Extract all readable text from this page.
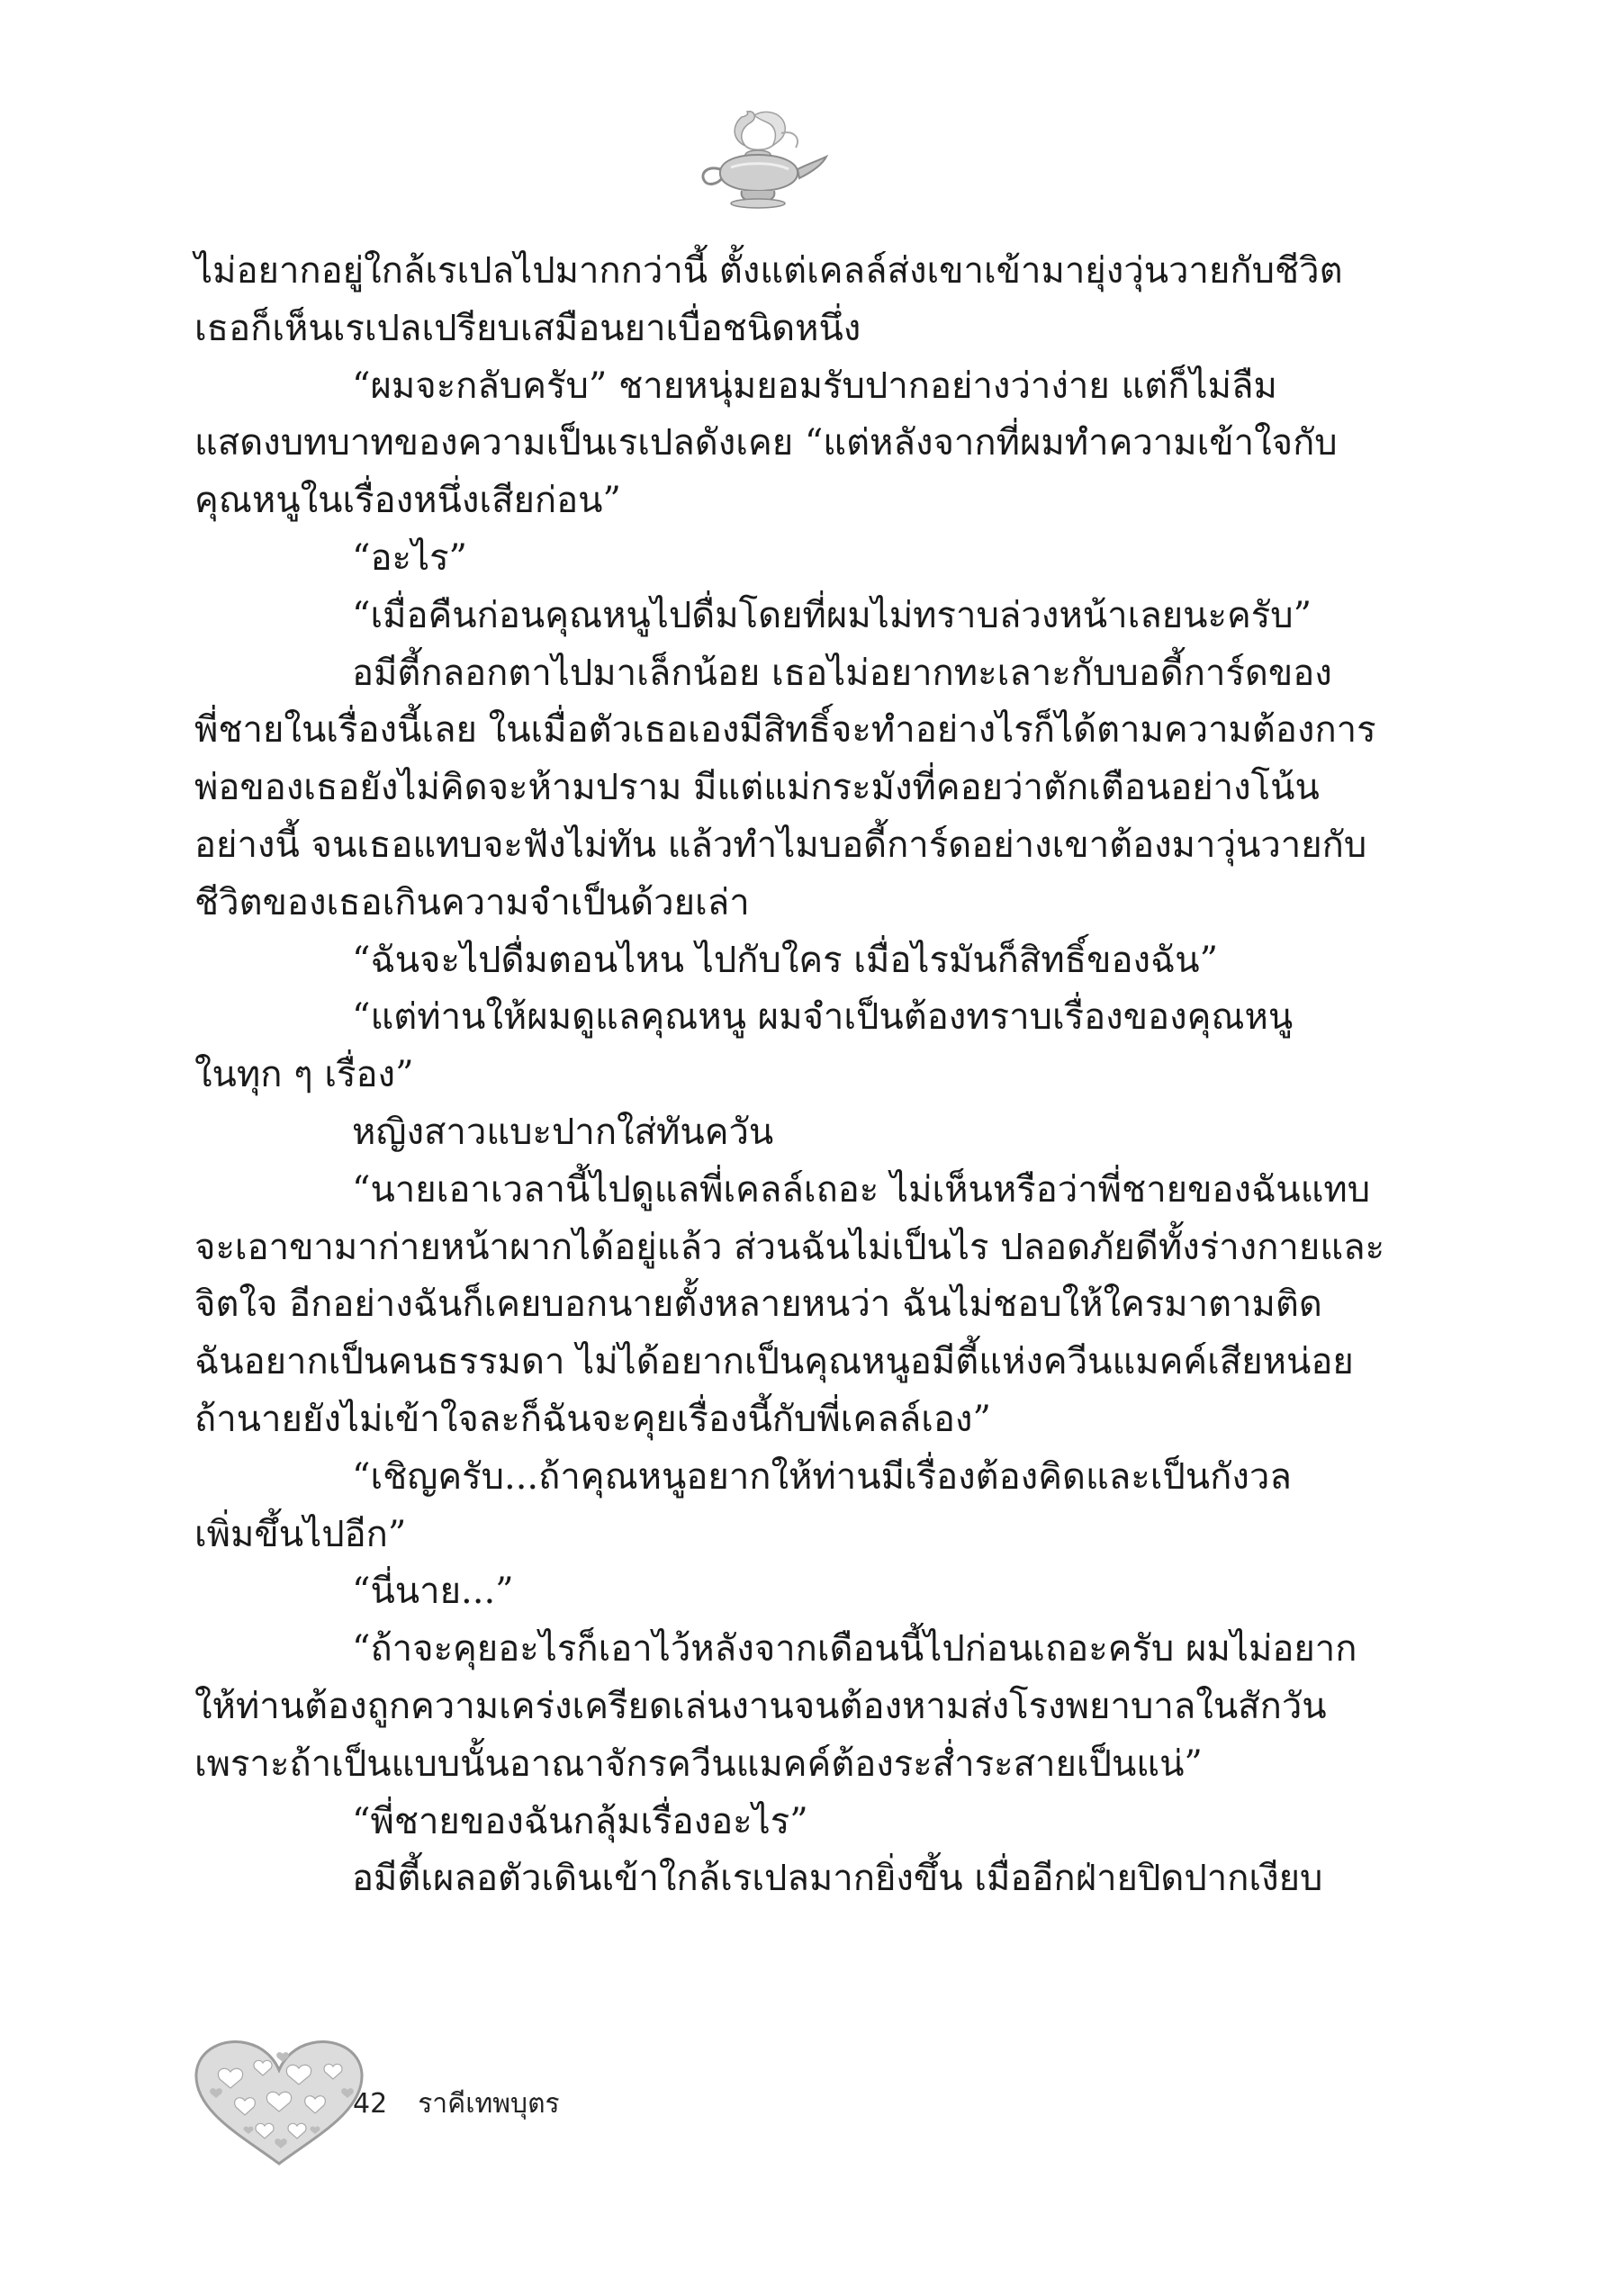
ไม่อยากอยู่ใกล้เรเปลไปมากกว่านี้ ตั้งแต่เคลล์ส่งเขาเข้ามายุ่งวุ่นวายกับชีวิต
เธอก็เห็นเรเปลเปรียบเสมือนยาเบื่อชนิดหนึ่ง

“ผมจะกลับครับ” ชายหนุ่มยอมรับปากอย่างว่าง่าย แต่ก็ไม่ลืม
แสดงบทบาทของความเป็นเรเปลดังเคย “แต่หลังจากที่ผมทำความเข้าใจกับ
คุณหนูในเรื่องหนึ่งเสียก่อน”

“อะไร”

“เมื่อคืนก่อนคุณหนูไปดื่มโดยที่ผมไม่ทราบล่วงหน้าเลยนะครับ”

อมีตี้กลอกตาไปมาเล็กน้อย เธอไม่อยากทะเลาะกับบอดี้การ์ดของ
พี่ชายในเรื่องนี้เลย ในเมื่อตัวเธอเองมีสิทธิ์จะทำอย่างไรก็ได้ตามความต้องการ
พ่อของเธอยังไม่คิดจะห้ามปราม มีแต่แม่กระมังที่คอยว่าตักเตือนอย่างโน้น
อย่างนี้ จนเธอแทบจะฟังไม่ทัน แล้วทำไมบอดี้การ์ดอย่างเขาต้องมาวุ่นวายกับ
ชีวิตของเธอเกินความจำเป็นด้วยเล่า

“ฉันจะไปดื่มตอนไหน ไปกับใคร เมื่อไรมันก็สิทธิ์ของฉัน”

“แต่ท่านให้ผมดูแลคุณหนู ผมจำเป็นต้องทราบเรื่องของคุณหนู
ในทุก ๆ เรื่อง”

หญิงสาวแบะปากใส่ทันควัน

“นายเอาเวลานี้ไปดูแลพี่เคลล์เถอะ ไม่เห็นหรือว่าพี่ชายของฉันแทบ
จะเอาขามาก่ายหน้าผากได้อยู่แล้ว ส่วนฉันไม่เป็นไร ปลอดภัยดีทั้งร่างกายและ
จิตใจ อีกอย่างฉันก็เคยบอกนายตั้งหลายหนว่า ฉันไม่ชอบให้ใครมาตามติด
ฉันอยากเป็นคนธรรมดา ไม่ได้อยากเป็นคุณหนูอมีตี้แห่งควีนแมคค์เสียหน่อย
ถ้านายยังไม่เข้าใจละก็ฉันจะคุยเรื่องนี้กับพี่เคลล์เอง”

“เชิญครับ...ถ้าคุณหนูอยากให้ท่านมีเรื่องต้องคิดและเป็นกังวล
เพิ่มขึ้นไปอีก”

“นี่นาย...”

“ถ้าจะคุยอะไรก็เอาไว้หลังจากเดือนนี้ไปก่อนเถอะครับ ผมไม่อยาก
ให้ท่านต้องถูกความเคร่งเครียดเล่นงานจนต้องหามส่งโรงพยาบาลในสักวัน
เพราะถ้าเป็นแบบนั้นอาณาจักรควีนแมคค์ต้องระส่ำระสายเป็นแน่”

“พี่ชายของฉันกลุ้มเรื่องอะไร”

อมีตี้เผลอตัวเดินเข้าใกล้เรเปลมากยิ่งขึ้น เมื่ออีกฝ่ายปิดปากเงียบ

42 ราคีเทพบุตร
